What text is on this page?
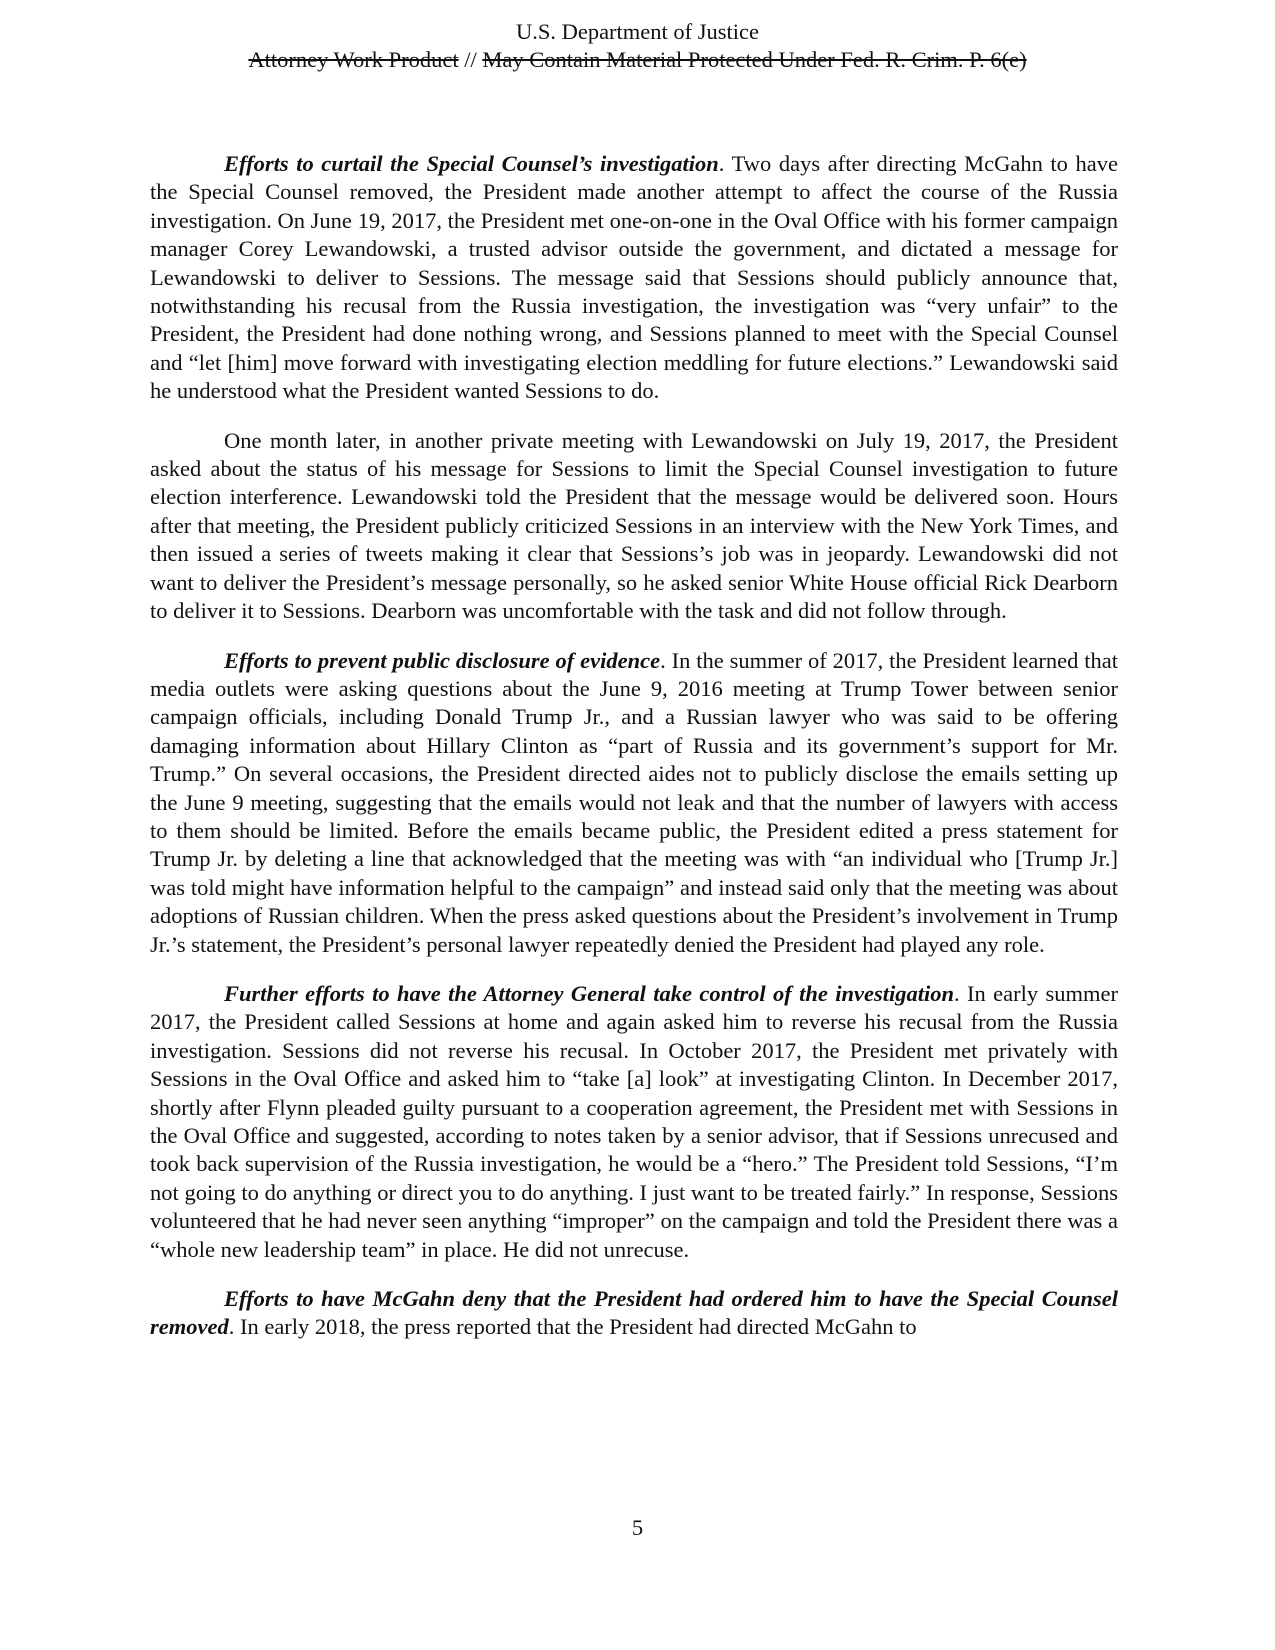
U.S. Department of Justice
Attorney Work Product // May Contain Material Protected Under Fed. R. Crim. P. 6(e)

Efforts to curtail the Special Counsel’s investigation. Two days after directing McGahn to have the Special Counsel removed, the President made another attempt to affect the course of the Russia investigation. On June 19, 2017, the President met one-on-one in the Oval Office with his former campaign manager Corey Lewandowski, a trusted advisor outside the government, and dictated a message for Lewandowski to deliver to Sessions. The message said that Sessions should publicly announce that, notwithstanding his recusal from the Russia investigation, the investigation was “very unfair” to the President, the President had done nothing wrong, and Sessions planned to meet with the Special Counsel and “let [him] move forward with investigating election meddling for future elections.” Lewandowski said he understood what the President wanted Sessions to do.

One month later, in another private meeting with Lewandowski on July 19, 2017, the President asked about the status of his message for Sessions to limit the Special Counsel investigation to future election interference. Lewandowski told the President that the message would be delivered soon. Hours after that meeting, the President publicly criticized Sessions in an interview with the New York Times, and then issued a series of tweets making it clear that Sessions’s job was in jeopardy. Lewandowski did not want to deliver the President’s message personally, so he asked senior White House official Rick Dearborn to deliver it to Sessions. Dearborn was uncomfortable with the task and did not follow through.

Efforts to prevent public disclosure of evidence. In the summer of 2017, the President learned that media outlets were asking questions about the June 9, 2016 meeting at Trump Tower between senior campaign officials, including Donald Trump Jr., and a Russian lawyer who was said to be offering damaging information about Hillary Clinton as “part of Russia and its government’s support for Mr. Trump.” On several occasions, the President directed aides not to publicly disclose the emails setting up the June 9 meeting, suggesting that the emails would not leak and that the number of lawyers with access to them should be limited. Before the emails became public, the President edited a press statement for Trump Jr. by deleting a line that acknowledged that the meeting was with “an individual who [Trump Jr.] was told might have information helpful to the campaign” and instead said only that the meeting was about adoptions of Russian children. When the press asked questions about the President’s involvement in Trump Jr.’s statement, the President’s personal lawyer repeatedly denied the President had played any role.

Further efforts to have the Attorney General take control of the investigation. In early summer 2017, the President called Sessions at home and again asked him to reverse his recusal from the Russia investigation. Sessions did not reverse his recusal. In October 2017, the President met privately with Sessions in the Oval Office and asked him to “take [a] look” at investigating Clinton. In December 2017, shortly after Flynn pleaded guilty pursuant to a cooperation agreement, the President met with Sessions in the Oval Office and suggested, according to notes taken by a senior advisor, that if Sessions unrecused and took back supervision of the Russia investigation, he would be a “hero.” The President told Sessions, “I’m not going to do anything or direct you to do anything. I just want to be treated fairly.” In response, Sessions volunteered that he had never seen anything “improper” on the campaign and told the President there was a “whole new leadership team” in place. He did not unrecuse.

Efforts to have McGahn deny that the President had ordered him to have the Special Counsel removed. In early 2018, the press reported that the President had directed McGahn to

5
